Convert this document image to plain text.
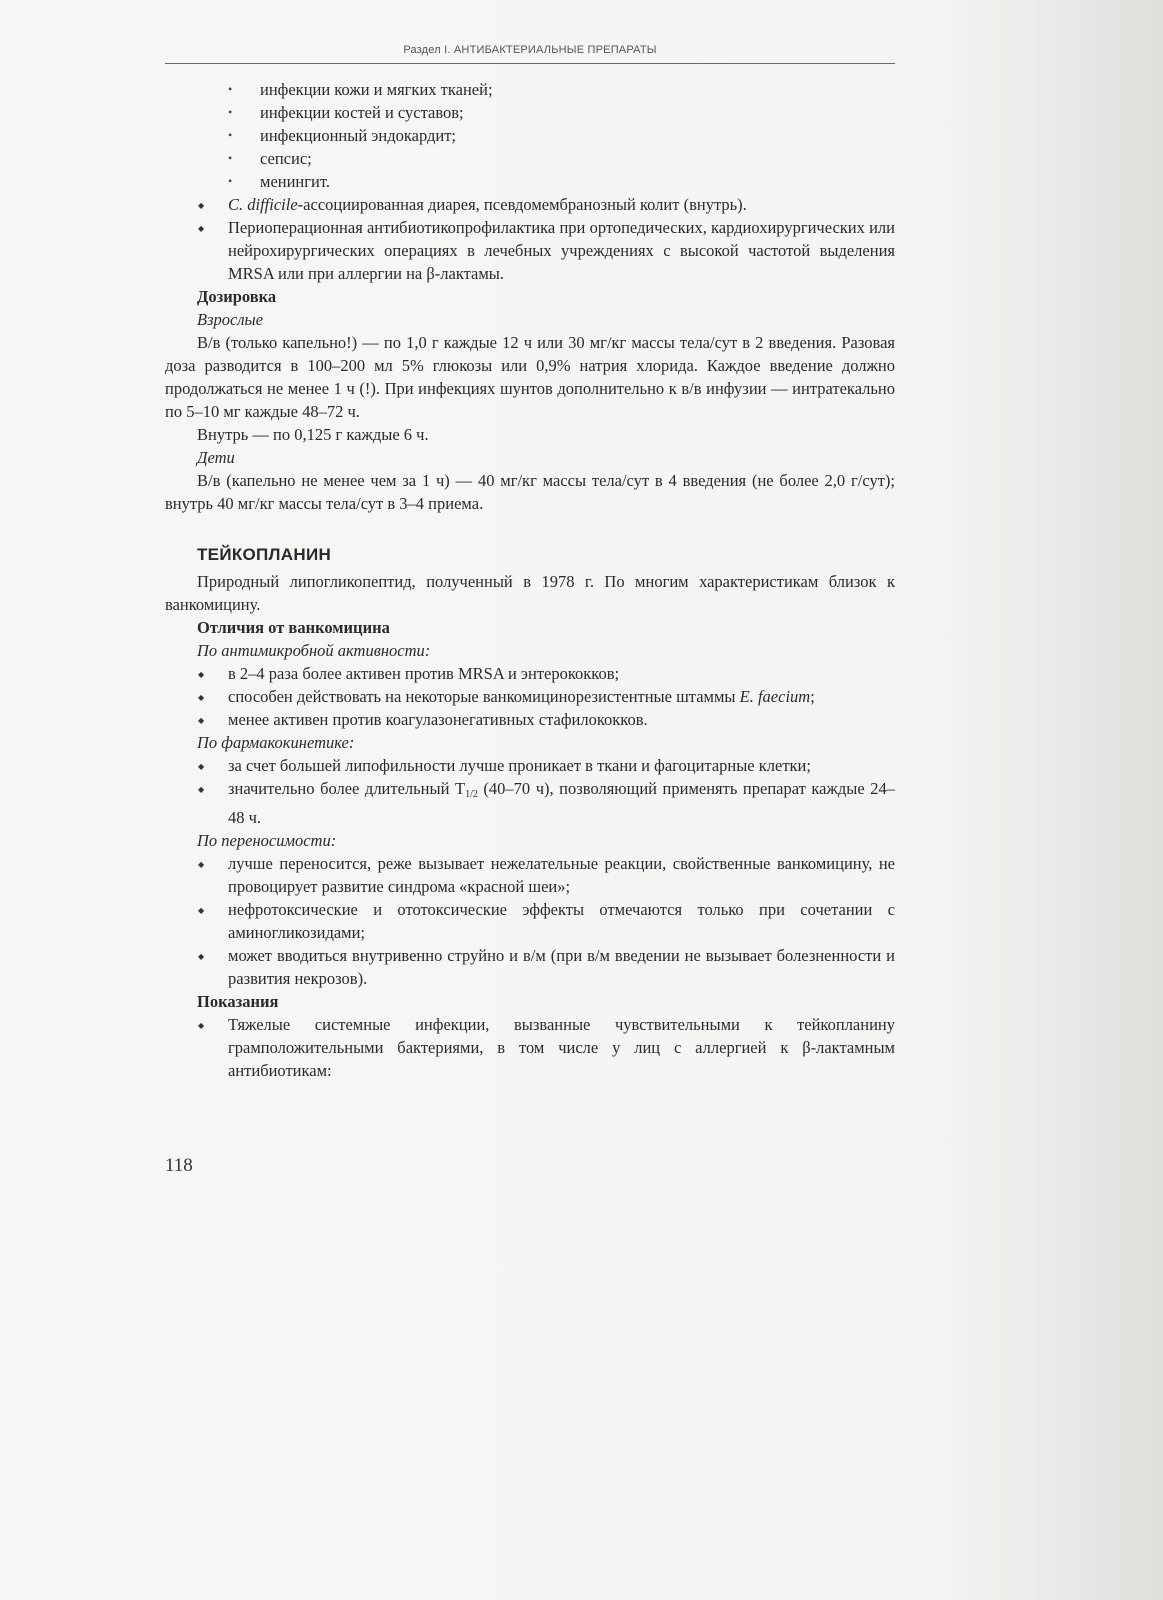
Раздел I. АНТИБАКТЕРИАЛЬНЫЕ ПРЕПАРАТЫ
• инфекции кожи и мягких тканей;
• инфекции костей и суставов;
• инфекционный эндокардит;
• сепсис;
• менингит.
◆ C. difficile-ассоциированная диарея, псевдомембранозный колит (внутрь).
◆ Периоперационная антибиотикопрофилактика при ортопедических, кардиохирургических или нейрохирургических операциях в лечебных учреждениях с высокой частотой выделения MRSA или при аллергии на β-лактамы.

Дозировка

Взрослые

В/в (только капельно!) — по 1,0 г каждые 12 ч или 30 мг/кг массы тела/сут в 2 введения. Разовая доза разводится в 100–200 мл 5% глюкозы или 0,9% натрия хлорида. Каждое введение должно продолжаться не менее 1 ч (!). При инфекциях шунтов дополнительно к в/в инфузии — интратекально по 5–10 мг каждые 48–72 ч.

Внутрь — по 0,125 г каждые 6 ч.

Дети

В/в (капельно не менее чем за 1 ч) — 40 мг/кг массы тела/сут в 4 введения (не более 2,0 г/сут); внутрь 40 мг/кг массы тела/сут в 3–4 приема.

ТЕЙКОПЛАНИН

Природный липогликопептид, полученный в 1978 г. По многим характеристикам близок к ванкомицину.

Отличия от ванкомицина

По антимикробной активности:

◆ в 2–4 раза более активен против MRSA и энтерококков;
◆ способен действовать на некоторые ванкомицинорезистентные штаммы E. faecium;
◆ менее активен против коагулазонегативных стафилококков.

По фармакокинетике:

◆ за счет большей липофильности лучше проникает в ткани и фагоцитарные клетки;
◆ значительно более длительный $T_{1/2}$ (40–70 ч), позволяющий применять препарат каждые 24–48 ч.

По переносимости:

◆ лучше переносится, реже вызывает нежелательные реакции, свойственные ванкомицину, не провоцирует развитие синдрома «красной шеи»;
◆ нефротоксические и ототоксические эффекты отмечаются только при сочетании с аминогликозидами;
◆ может вводиться внутривенно струйно и в/м (при в/м введении не вызывает болезненности и развития некрозов).

Показания

◆ Тяжелые системные инфекции, вызванные чувствительными к тейкопланину грамположительными бактериями, в том числе у лиц с аллергией к β-лактамным антибиотикам:
118
